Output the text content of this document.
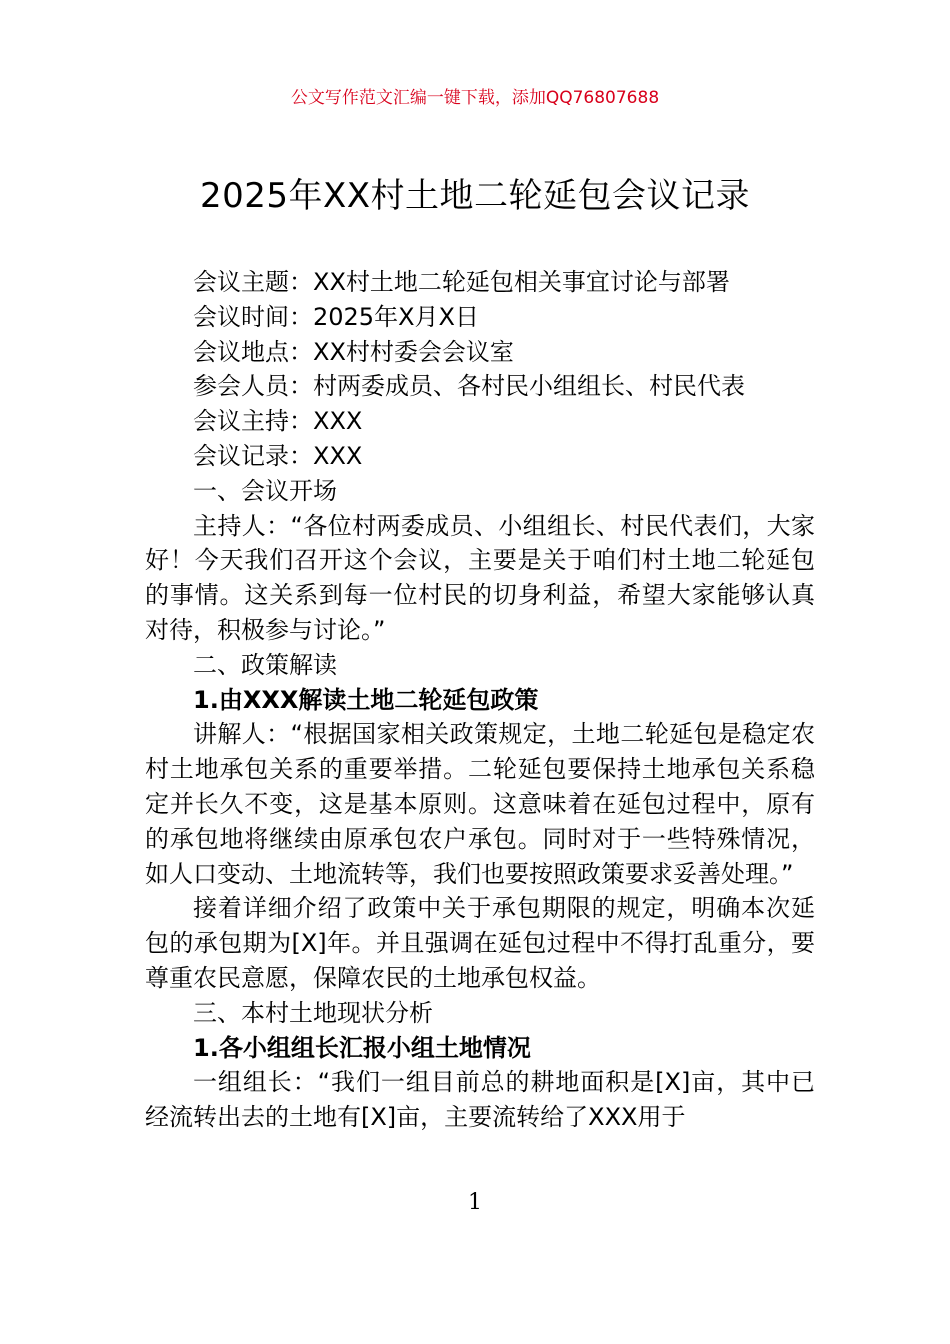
公文写作范文汇编一键下载，添加QQ76807688
2025年XX村土地二轮延包会议记录

会议主题：XX村土地二轮延包相关事宜讨论与部署

会议时间：2025年X月X日

会议地点：XX村村委会会议室

参会人员：村两委成员、各村民小组组长、村民代表

会议主持：XXX

会议记录：XXX

一、会议开场

主持人：“各位村两委成员、小组组长、村民代表们，大家好！今天我们召开这个会议，主要是关于咱们村土地二轮延包的事情。这关系到每一位村民的切身利益，希望大家能够认真对待，积极参与讨论。”

二、政策解读

1.由XXX解读土地二轮延包政策

讲解人：“根据国家相关政策规定，土地二轮延包是稳定农村土地承包关系的重要举措。二轮延包要保持土地承包关系稳定并长久不变，这是基本原则。这意味着在延包过程中，原有的承包地将继续由原承包农户承包。同时对于一些特殊情况，如人口变动、土地流转等，我们也要按照政策要求妥善处理。”

接着详细介绍了政策中关于承包期限的规定，明确本次延包的承包期为[X]年。并且强调在延包过程中不得打乱重分，要尊重农民意愿，保障农民的土地承包权益。

三、本村土地现状分析

1.各小组组长汇报小组土地情况

一组组长：“我们一组目前总的耕地面积是[X]亩，其中已经流转出去的土地有[X]亩，主要流转给了XXX用于

1
